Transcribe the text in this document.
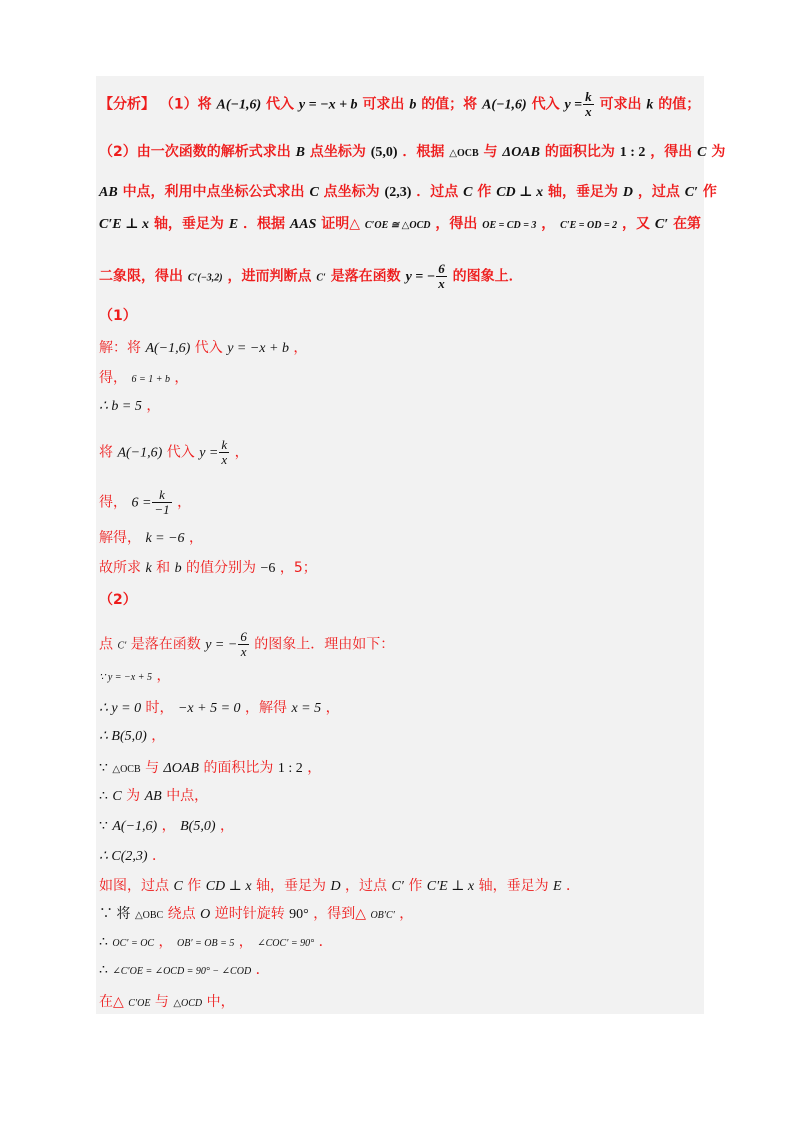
【分析】 （1）将 A(−1,6) 代入 y = −x + b 可求出 b 的值；将 A(−1,6) 代入 $y = \frac{k}{x}$ 可求出 k 的值；
（2）由一次函数的解析式求出 B 点坐标为 (5,0) ．根据 △OCB 与 ΔOAB 的面积比为 1 : 2 ，得出 C 为
AB 中点，利用中点坐标公式求出 C 点坐标为 (2,3) ．过点 C 作 CD ⊥ x 轴，垂足为 D ，过点 C′ 作
C′E ⊥ x 轴，垂足为 E ．根据 AAS 证明△ C′OE ≅ △OCD ，得出 OE = CD = 3 ， C′E = OD = 2 ，又 C′ 在第
二象限，得出 C′(−3,2) ，进而判断点 C′ 是落在函数 y = − $\frac{6}{x}$ 的图象上．
（1）
解：将 A(−1,6) 代入 y = −x + b ，
得， 6 = 1 + b ，
∴ b = 5 ，
将 A(−1,6) 代入 $y = \frac{k}{x}$ ，
得， $6 = \frac{k}{-1}$ ，
解得， k = −6 ，
故所求 k 和 b 的值分别为 −6 ，5；
（2）
点 C′ 是落在函数 y = − $\frac{6}{x}$ 的图象上．理由如下：
∵ y = −x + 5 ，
∴ y = 0 时， −x + 5 = 0 ，解得 x = 5 ，
∴ B(5,0) ，
∵ △OCB 与 ΔOAB 的面积比为 1 : 2 ，
∴ C 为 AB 中点，
∵ A(−1,6) ， B(5,0) ，
∴ C(2,3) ．
如图，过点 C 作 CD ⊥ x 轴，垂足为 D ，过点 C′ 作 C′E ⊥ x 轴，垂足为 E ．
∵ 将 △OBC 绕点 O 逆时针旋转 90° ，得到△ OB′C′ ，
∴ OC′ = OC ， OB′ = OB = 5 ， ∠COC′ = 90° ．
∴ ∠C′OE = ∠OCD = 90° − ∠COD ．
在△ C′OE 与 △OCD 中，
